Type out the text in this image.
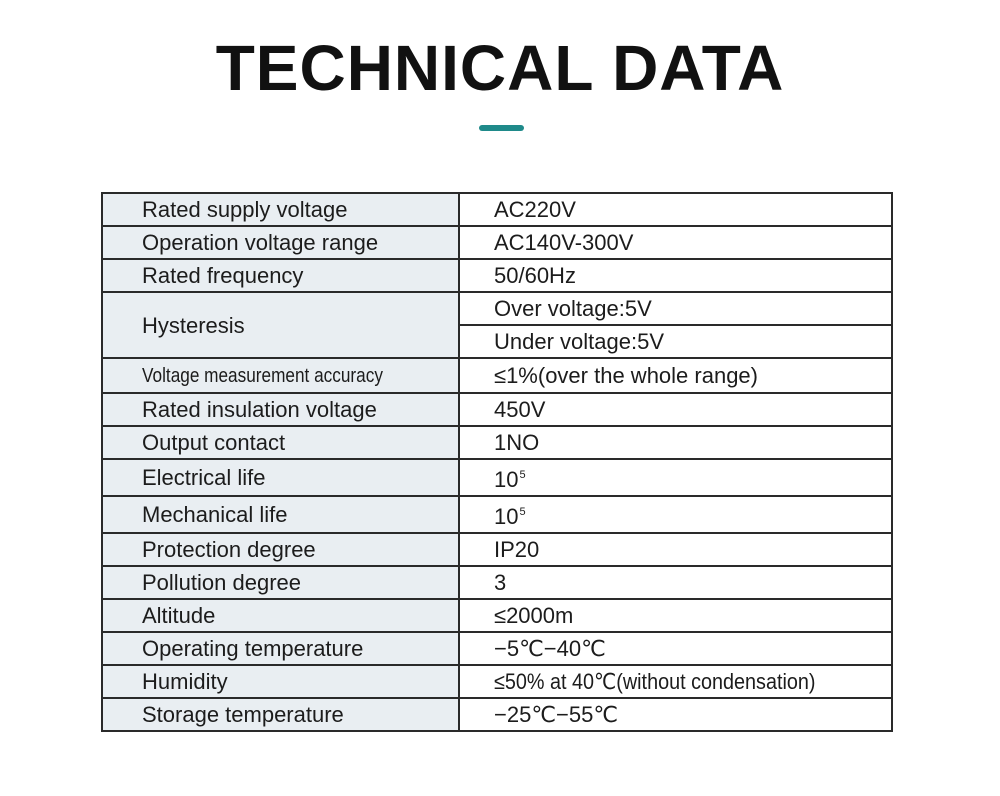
TECHNICAL DATA
Rated supply voltage	AC220V
Operation voltage range	AC140V-300V
Rated frequency	50/60Hz
Hysteresis	Over voltage:5V
	Under voltage:5V
Voltage measurement accuracy	≤1%(over the whole range)
Rated insulation voltage	450V
Output contact	1NO
Electrical life	$10^5$
Mechanical life	$10^5$
Protection degree	IP20
Pollution degree	3
Altitude	≤2000m
Operating temperature	−5℃−40℃
Humidity	≤50% at 40℃(without condensation)
Storage temperature	−25℃−55℃
